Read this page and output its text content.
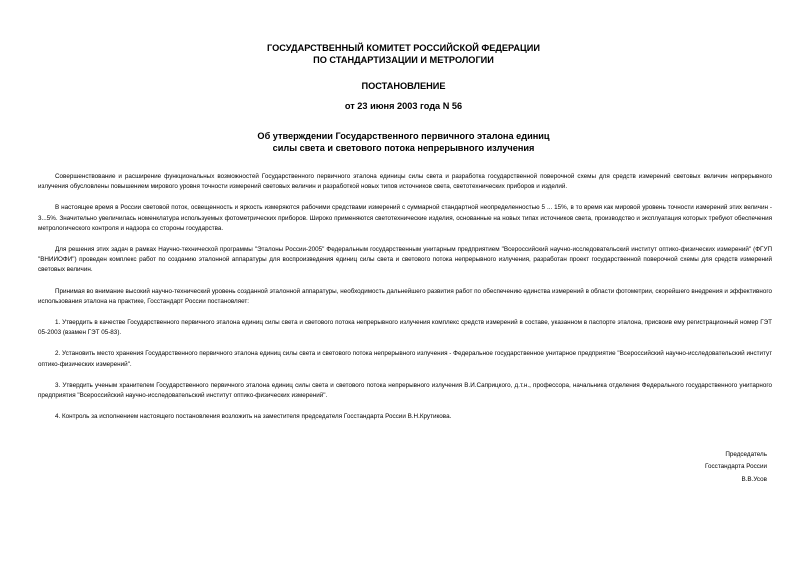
ГОСУДАРСТВЕННЫЙ КОМИТЕТ РОССИЙСКОЙ ФЕДЕРАЦИИ
ПО СТАНДАРТИЗАЦИИ И МЕТРОЛОГИИ
ПОСТАНОВЛЕНИЕ
от 23 июня 2003 года N 56
Об утверждении Государственного первичного эталона единиц
силы света и светового потока непрерывного излучения

Совершенствование и расширение функциональных возможностей Государственного первичного эталона единицы силы света и разработка государственной поверочной схемы для средств измерений световых величин непрерывного излучения обусловлены повышением мирового уровня точности измерений световых величин и разработкой новых типов источников света, светотехнических приборов и изделий.

В настоящее время в России световой поток, освещенность и яркость измеряются рабочими средствами измерений с суммарной стандартной неопределенностью 5 ... 15%, в то время как мировой уровень точности измерений этих величин - 3...5%. Значительно увеличилась номенклатура используемых фотометрических приборов. Широко применяются светотехнические изделия, основанные на новых типах источников света, производство и эксплуатация которых требуют обеспечения метрологического контроля и надзора со стороны государства.

Для решения этих задач в рамках Научно-технической программы "Эталоны России-2005" Федеральным государственным унитарным предприятием "Всероссийский научно-исследовательский институт оптико-физических измерений" (ФГУП "ВНИИОФИ") проведен комплекс работ по созданию эталонной аппаратуры для воспроизведения единиц силы света и светового потока непрерывного излучения, разработан проект государственной поверочной схемы для средств измерений световых величин.

Принимая во внимание высокий научно-технический уровень созданной эталонной аппаратуры, необходимость дальнейшего развития работ по обеспечению единства измерений в области фотометрии, скорейшего внедрения и эффективного использования эталона на практике, Госстандарт России постановляет:

1. Утвердить в качестве Государственного первичного эталона единиц силы света и светового потока непрерывного излучения комплекс средств измерений в составе, указанном в паспорте эталона, присвоив ему регистрационный номер ГЭТ 05-2003 (взамен ГЭТ 05-83).

2. Установить место хранения Государственного первичного эталона единиц силы света и светового потока непрерывного излучения - Федеральное государственное унитарное предприятие "Всероссийский научно-исследовательский институт оптико-физических измерений".

3. Утвердить ученым хранителем Государственного первичного эталона единиц силы света и светового потока непрерывного излучения В.И.Саприцкого, д.т.н., профессора, начальника отделения Федерального государственного унитарного предприятия "Всероссийский научно-исследовательский институт оптико-физических измерений".

4. Контроль за исполнением настоящего постановления возложить на заместителя председателя Госстандарта России В.Н.Крутикова.

Председатель
Госстандарта России
В.В.Усов
